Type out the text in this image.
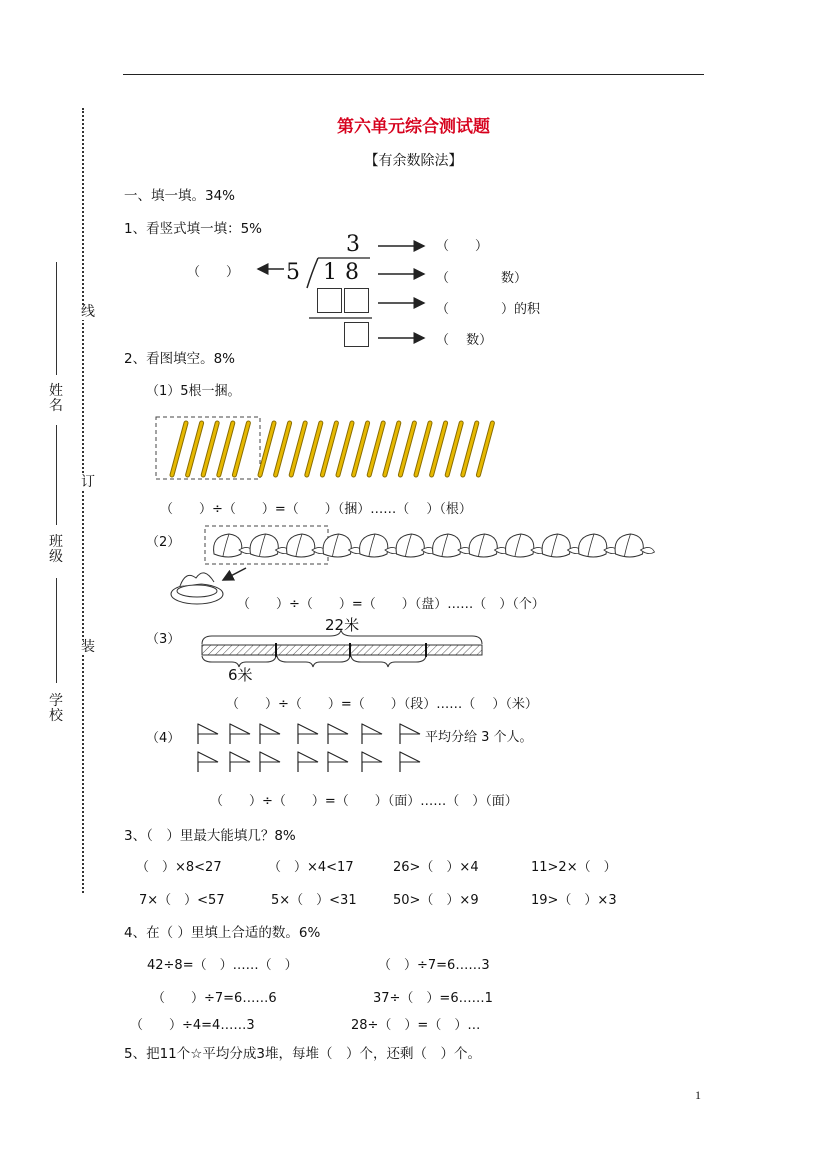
线
订
装
姓名
班级
学校
第六单元综合测试题
【有余数除法】
一、填一填。34%
1、看竖式填一填：5%
3
5 18
（　　）
（　　）
（　　　　数）
（　　　　）的积
（　 数）
2、看图填空。8%
（1）5根一捆。
（　　）÷（　　）=（　　）（捆）……（　 ）（根）
（2）
（　　）÷（　　）=（　　）（盘）……（　）（个）
（3）
22米
6米
（　　）÷（　　）=（　　）（段）……（　 ）（米）
（4）	平均分给 3 个人。
（　　）÷（　　）=（　　）（面）……（　）（面）
3、（　）里最大能填几？8%
（　）×8<27	（　）×4<17	26>（　）×4	11>2×（　）
7×（　）<57	5×（　）<31	50>（　）×9	19>（　）×3
4、在（ ）里填上合适的数。6%
42÷8=（　）……（　）	（　）÷7=6……3
（　　）÷7=6……6	37÷（　）=6……1
（　　）÷4=4……3	28÷（　）=（　）…
5、把11个☆平均分成3堆，每堆（　）个，还剩（　）个。
1
